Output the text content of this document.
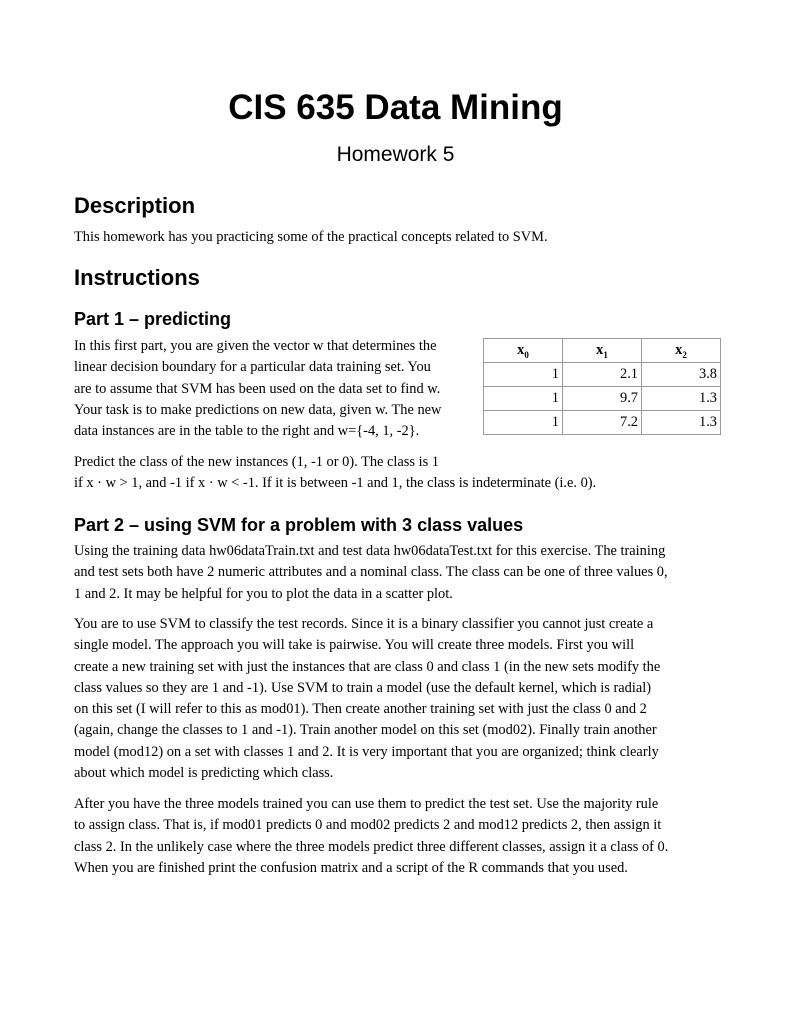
CIS 635 Data Mining
Homework 5
Description
This homework has you practicing some of the practical concepts related to SVM.
Instructions
Part 1 – predicting
In this first part, you are given the vector w that determines the
linear decision boundary for a particular data training set. You
are to assume that SVM has been used on the data set to find w.
Your task is to make predictions on new data, given w. The new
data instances are in the table to the right and w={-4, 1, -2}.
$x_0$	$x_1$	$x_2$
1	2.1	3.8
1	9.7	1.3
1	7.2	1.3
Predict the class of the new instances (1, -1 or 0). The class is 1
if x · w > 1, and -1 if x · w < -1. If it is between -1 and 1, the class is indeterminate (i.e. 0).
Part 2 – using SVM for a problem with 3 class values
Using the training data hw06dataTrain.txt and test data hw06dataTest.txt for this exercise. The training
and test sets both have 2 numeric attributes and a nominal class. The class can be one of three values 0,
1 and 2. It may be helpful for you to plot the data in a scatter plot.
You are to use SVM to classify the test records. Since it is a binary classifier you cannot just create a
single model. The approach you will take is pairwise. You will create three models. First you will
create a new training set with just the instances that are class 0 and class 1 (in the new sets modify the
class values so they are 1 and -1). Use SVM to train a model (use the default kernel, which is radial)
on this set (I will refer to this as mod01). Then create another training set with just the class 0 and 2
(again, change the classes to 1 and -1). Train another model on this set (mod02). Finally train another
model (mod12) on a set with classes 1 and 2. It is very important that you are organized; think clearly
about which model is predicting which class.
After you have the three models trained you can use them to predict the test set. Use the majority rule
to assign class. That is, if mod01 predicts 0 and mod02 predicts 2 and mod12 predicts 2, then assign it
class 2. In the unlikely case where the three models predict three different classes, assign it a class of 0.
When you are finished print the confusion matrix and a script of the R commands that you used.
